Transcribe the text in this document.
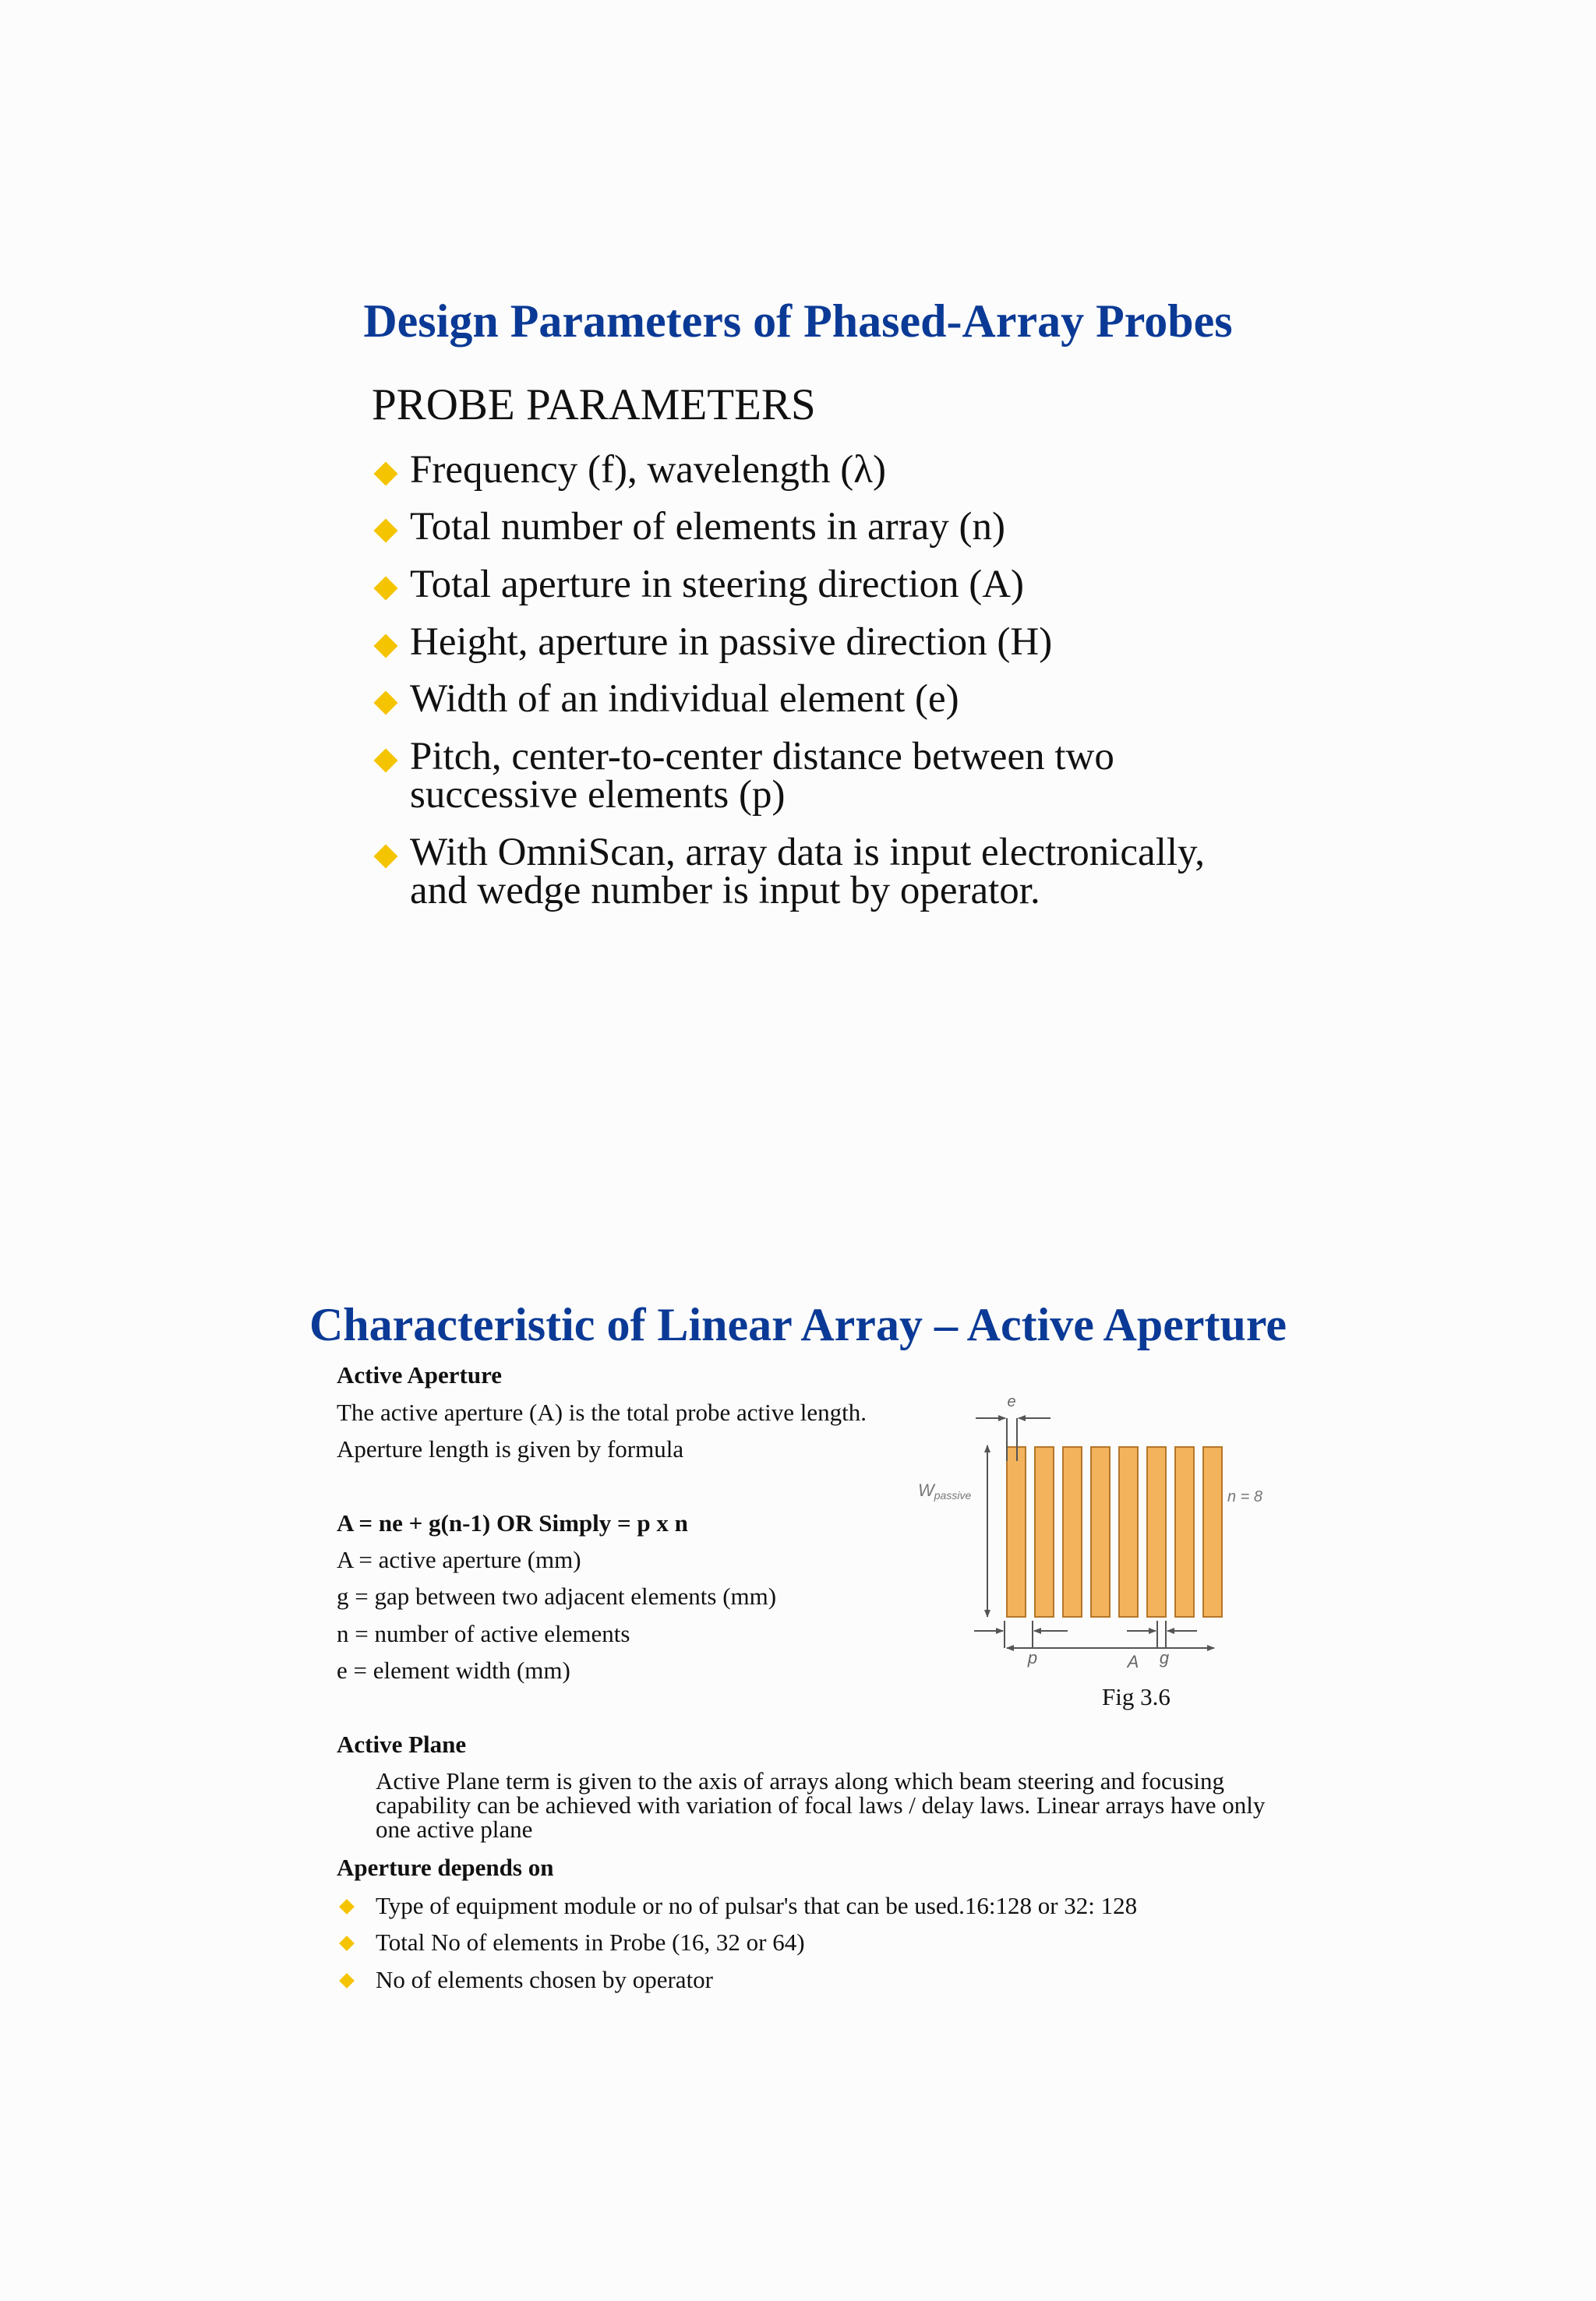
Design Parameters of Phased-Array Probes
PROBE PARAMETERS
Frequency (f), wavelength (λ)
Total number of elements in array (n)
Total aperture in steering direction (A)
Height, aperture in passive direction (H)
Width of an individual element (e)
Pitch, center-to-center distance between two successive elements (p)
With OmniScan, array data is input electronically, and wedge number is input by operator.
Characteristic of Linear Array – Active Aperture
Active Aperture
The active aperture (A) is the total probe active length.
Aperture length is given by formula
A = ne + g(n-1) OR Simply = p x n
A = active aperture (mm)
g = gap between two adjacent elements (mm)
n = number of active elements
e = element width (mm)
e
Wpassive	n = 8
p	g
A
Fig 3.6
Active Plane
Active Plane term is given to the axis of arrays along which beam steering and focusing capability can be achieved with variation of focal laws / delay laws. Linear arrays have only one active plane
Aperture depends on
Type of equipment module or no of pulsar's that can be used.16:128 or 32: 128
Total No of elements in Probe (16, 32 or 64)
No of elements chosen by operator
